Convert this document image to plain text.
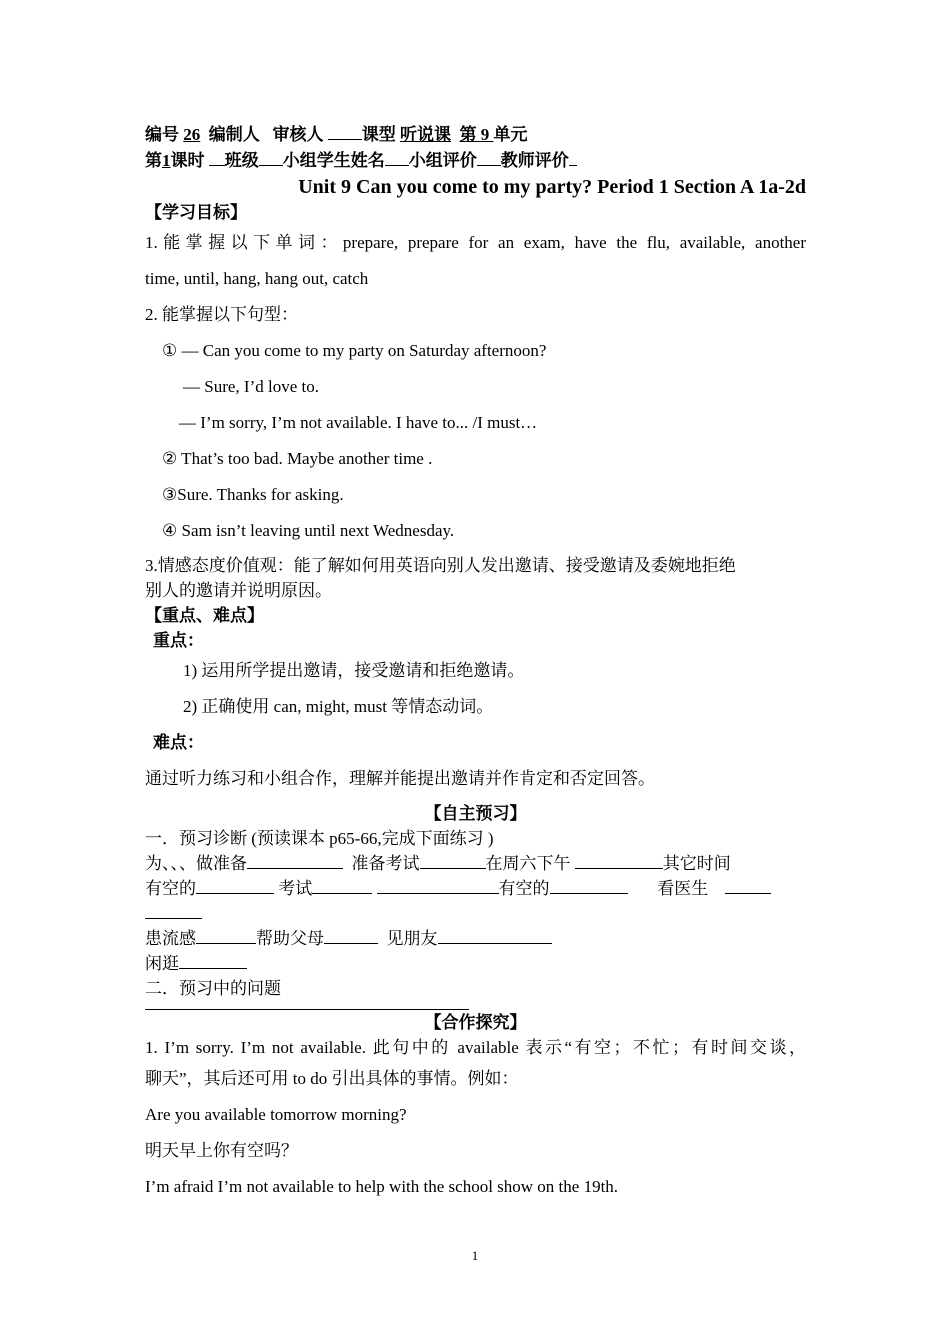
编号 26 编制人 审核人 课型 听说课 第 9 单元
第1课时 班级 小组学生姓名 小组评价 教师评价
Unit 9 Can you come to my party? Period 1 Section A 1a-2d
【学习目标】
1.能掌握以下单词：prepare, prepare for an exam, have the flu, available, another
time, until, hang, hang out, catch
2. 能掌握以下句型：
① — Can you come to my party on Saturday afternoon?
— Sure, I’d love to.
— I’m sorry, I’m not available. I have to... /I must…
② That’s too bad. Maybe another time .
③Sure. Thanks for asking.
④ Sam isn’t leaving until next Wednesday.
3.情感态度价值观：能了解如何用英语向别人发出邀请、接受邀请及委婉地拒绝
别人的邀请并说明原因。
【重点、难点】
重点：
1) 运用所学提出邀请，接受邀请和拒绝邀请。
2) 正确使用 can, might, must 等情态动词。
难点：
通过听力练习和小组合作，理解并能提出邀请并作肯定和否定回答。
【自主预习】
一．预习诊断 (预读课本 p65-66,完成下面练习 )
为、、、做准备	准备考试	在周六下午	其它时间
有空的	考试	有空的	看医生
患流感	帮助父母	见朋友
闲逛
二．预习中的问题
【合作探究】
1. I’m sorry. I’m not available. 此句中的 available 表示“有空；不忙；有时间交谈，
聊天”，其后还可用 to do 引出具体的事情。例如：
Are you available tomorrow morning?
明天早上你有空吗？
I’m afraid I’m not available to help with the school show on the 19th.
1
